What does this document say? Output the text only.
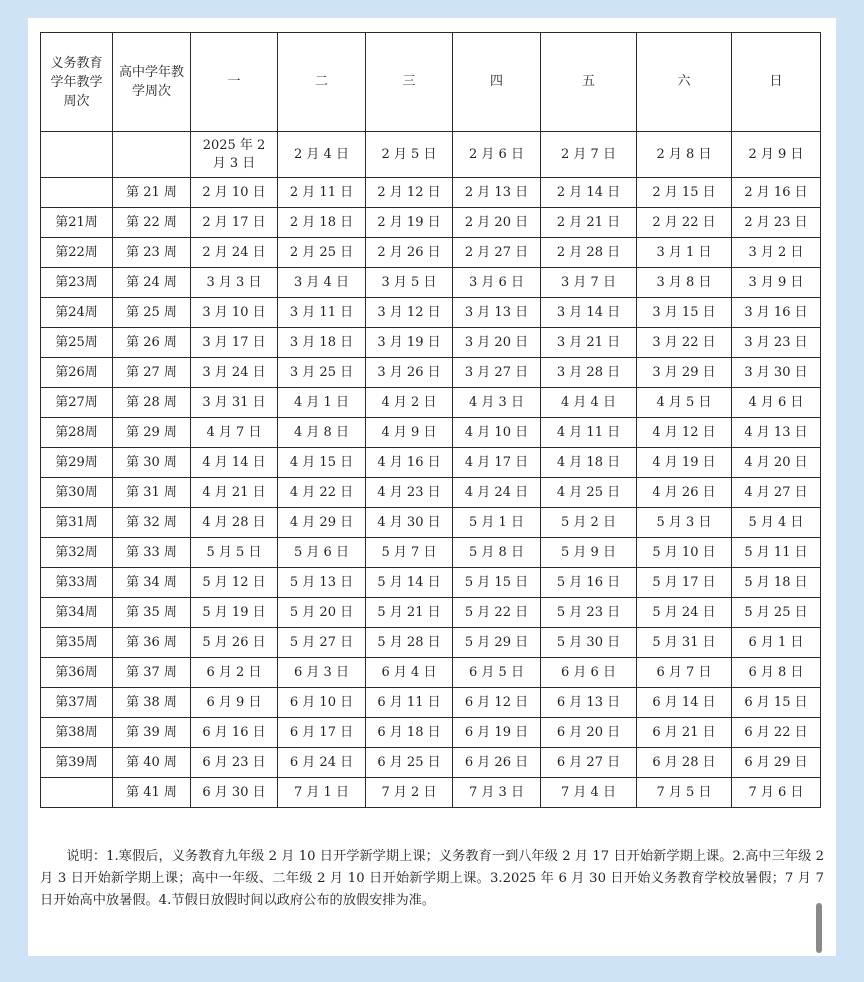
义务教育学年教学周次	高中学年教学周次	一	二	三	四	五	六	日
		2025 年 2 月 3 日	2 月 4 日	2 月 5 日	2 月 6 日	2 月 7 日	2 月 8 日	2 月 9 日
	第 21 周	2 月 10 日	2 月 11 日	2 月 12 日	2 月 13 日	2 月 14 日	2 月 15 日	2 月 16 日
第21周	第 22 周	2 月 17 日	2 月 18 日	2 月 19 日	2 月 20 日	2 月 21 日	2 月 22 日	2 月 23 日
第22周	第 23 周	2 月 24 日	2 月 25 日	2 月 26 日	2 月 27 日	2 月 28 日	3 月 1 日	3 月 2 日
第23周	第 24 周	3 月 3 日	3 月 4 日	3 月 5 日	3 月 6 日	3 月 7 日	3 月 8 日	3 月 9 日
第24周	第 25 周	3 月 10 日	3 月 11 日	3 月 12 日	3 月 13 日	3 月 14 日	3 月 15 日	3 月 16 日
第25周	第 26 周	3 月 17 日	3 月 18 日	3 月 19 日	3 月 20 日	3 月 21 日	3 月 22 日	3 月 23 日
第26周	第 27 周	3 月 24 日	3 月 25 日	3 月 26 日	3 月 27 日	3 月 28 日	3 月 29 日	3 月 30 日
第27周	第 28 周	3 月 31 日	4 月 1 日	4 月 2 日	4 月 3 日	4 月 4 日	4 月 5 日	4 月 6 日
第28周	第 29 周	4 月 7 日	4 月 8 日	4 月 9 日	4 月 10 日	4 月 11 日	4 月 12 日	4 月 13 日
第29周	第 30 周	4 月 14 日	4 月 15 日	4 月 16 日	4 月 17 日	4 月 18 日	4 月 19 日	4 月 20 日
第30周	第 31 周	4 月 21 日	4 月 22 日	4 月 23 日	4 月 24 日	4 月 25 日	4 月 26 日	4 月 27 日
第31周	第 32 周	4 月 28 日	4 月 29 日	4 月 30 日	5 月 1 日	5 月 2 日	5 月 3 日	5 月 4 日
第32周	第 33 周	5 月 5 日	5 月 6 日	5 月 7 日	5 月 8 日	5 月 9 日	5 月 10 日	5 月 11 日
第33周	第 34 周	5 月 12 日	5 月 13 日	5 月 14 日	5 月 15 日	5 月 16 日	5 月 17 日	5 月 18 日
第34周	第 35 周	5 月 19 日	5 月 20 日	5 月 21 日	5 月 22 日	5 月 23 日	5 月 24 日	5 月 25 日
第35周	第 36 周	5 月 26 日	5 月 27 日	5 月 28 日	5 月 29 日	5 月 30 日	5 月 31 日	6 月 1 日
第36周	第 37 周	6 月 2 日	6 月 3 日	6 月 4 日	6 月 5 日	6 月 6 日	6 月 7 日	6 月 8 日
第37周	第 38 周	6 月 9 日	6 月 10 日	6 月 11 日	6 月 12 日	6 月 13 日	6 月 14 日	6 月 15 日
第38周	第 39 周	6 月 16 日	6 月 17 日	6 月 18 日	6 月 19 日	6 月 20 日	6 月 21 日	6 月 22 日
第39周	第 40 周	6 月 23 日	6 月 24 日	6 月 25 日	6 月 26 日	6 月 27 日	6 月 28 日	6 月 29 日
	第 41 周	6 月 30 日	7 月 1 日	7 月 2 日	7 月 3 日	7 月 4 日	7 月 5 日	7 月 6 日
说明：1.寒假后，义务教育九年级 2 月 10 日开学新学期上课；义务教育一到八年级 2 月 17 日开始新学期上课。2.高中三年级 2 月 3 日开始新学期上课；高中一年级、二年级 2 月 10 日开始新学期上课。3.2025 年 6 月 30 日开始义务教育学校放暑假；7 月 7 日开始高中放暑假。4.节假日放假时间以政府公布的放假安排为准。
